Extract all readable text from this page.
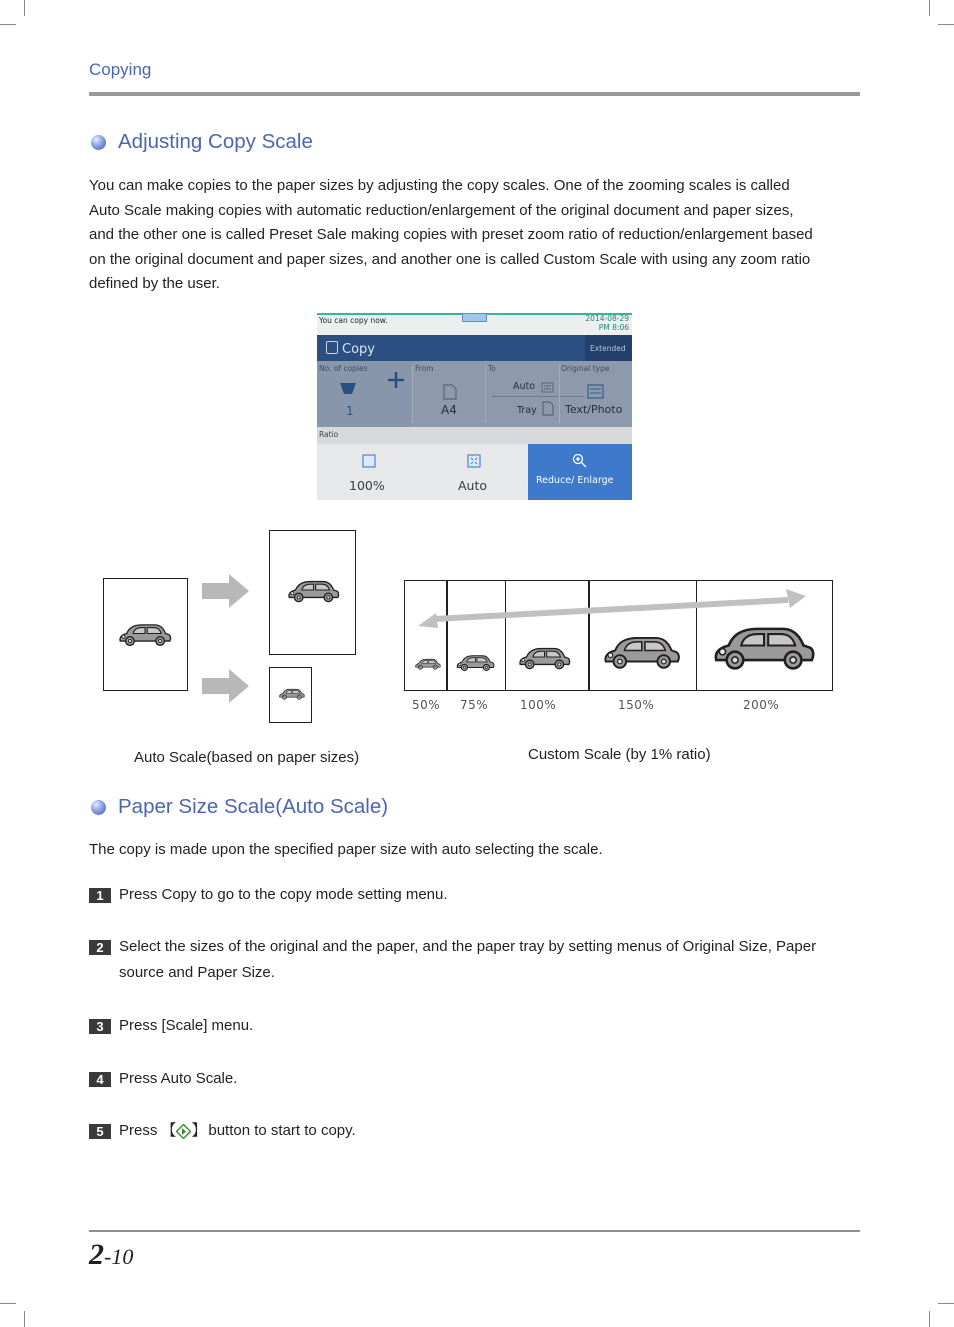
Copying
Adjusting Copy Scale
You can make copies to the paper sizes by adjusting the copy scales. One of the zooming scales is called
Auto Scale making copies with automatic reduction/enlargement of the original document and paper sizes,
and the other one is called Preset Sale making copies with preset zoom ratio of reduction/enlargement based
on the original document and paper sizes, and another one is called Custom Scale with using any zoom ratio
defined by the user.
You can copy now.	2014-08-29
PM 8:06
Copy	Extended
No. of copies
1
From
A4
To
Auto
Tray
Original type
Text/Photo
Ratio
100%	Auto	Reduce/ Enlarge
Auto Scale(based on paper sizes)
50% 75%	100%	150%	200%
Custom Scale (by 1% ratio)
Paper Size Scale(Auto Scale)
The copy is made upon the specified paper size with auto selecting the scale.
1	Press Copy to go to the copy mode setting menu.
2	Select the sizes of the original and the paper, and the paper tray by setting menus of Original Size, Paper
source and Paper Size.
3	Press [Scale] menu.
4	Press Auto Scale.
5	Press 【 】 button to start to copy.
2-10
